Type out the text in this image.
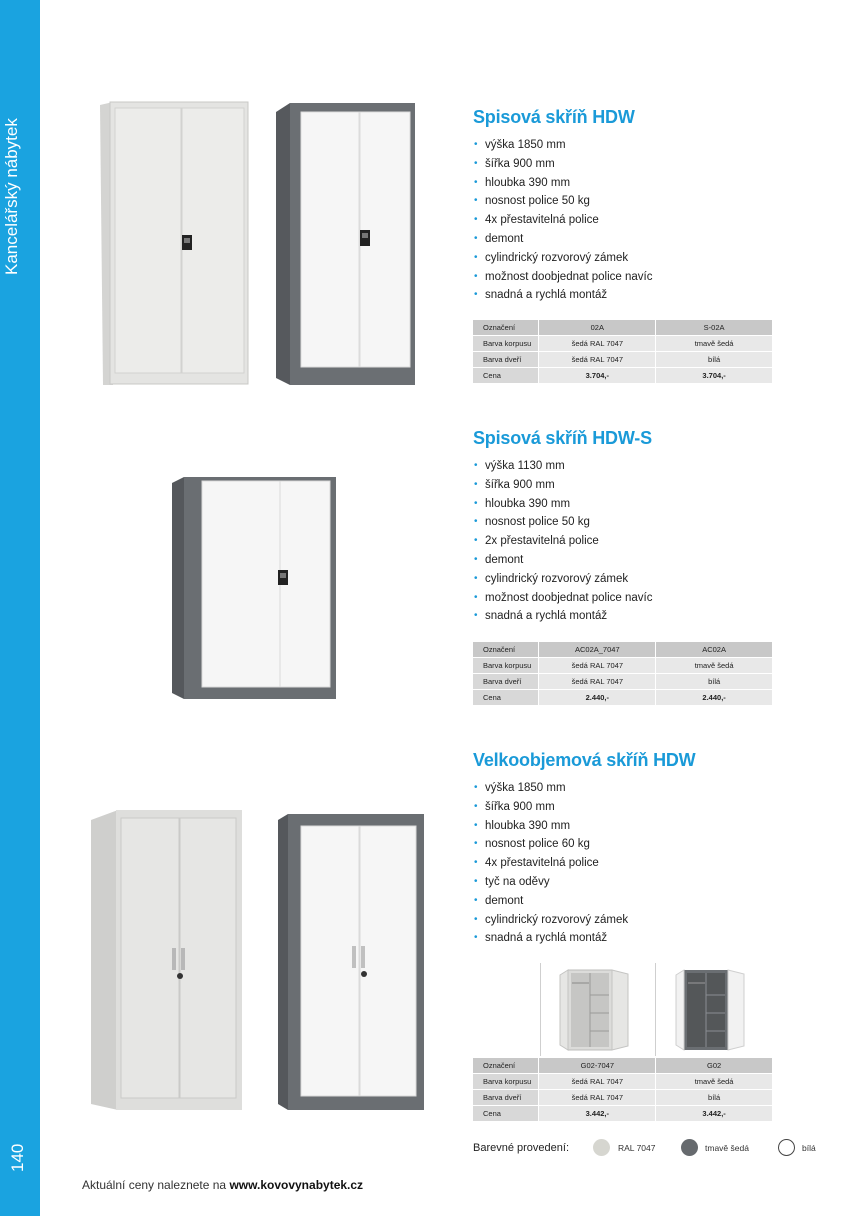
Kancelářský nábytek
140
Spisová skříň HDW
• výška 1850 mm
• šířka 900 mm
• hloubka 390 mm
• nosnost police 50 kg
• 4x přestavitelná police
• demont
• cylindrický rozvorový zámek
• možnost doobjednat police navíc
• snadná a rychlá montáž
Označení	02A	S-02A
Barva korpusu	šedá RAL 7047	tmavě šedá
Barva dveří	šedá RAL 7047	bílá
Cena	3.704,-	3.704,-
Spisová skříň HDW-S
• výška 1130 mm
• šířka 900 mm
• hloubka 390 mm
• nosnost police 50 kg
• 2x přestavitelná police
• demont
• cylindrický rozvorový zámek
• možnost doobjednat police navíc
• snadná a rychlá montáž
Označení	AC02A_7047	AC02A
Barva korpusu	šedá RAL 7047	tmavě šedá
Barva dveří	šedá RAL 7047	bílá
Cena	2.440,-	2.440,-
Velkoobjemová skříň HDW
• výška 1850 mm
• šířka 900 mm
• hloubka 390 mm
• nosnost police 60 kg
• 4x přestavitelná police
• tyč na oděvy
• demont
• cylindrický rozvorový zámek
• snadná a rychlá montáž
Označení	G02-7047	G02
Barva korpusu	šedá RAL 7047	tmavě šedá
Barva dveří	šedá RAL 7047	bílá
Cena	3.442,-	3.442,-
Barevné provedení:	RAL 7047	tmavě šedá	bílá
Aktuální ceny naleznete na www.kovovynabytek.cz
